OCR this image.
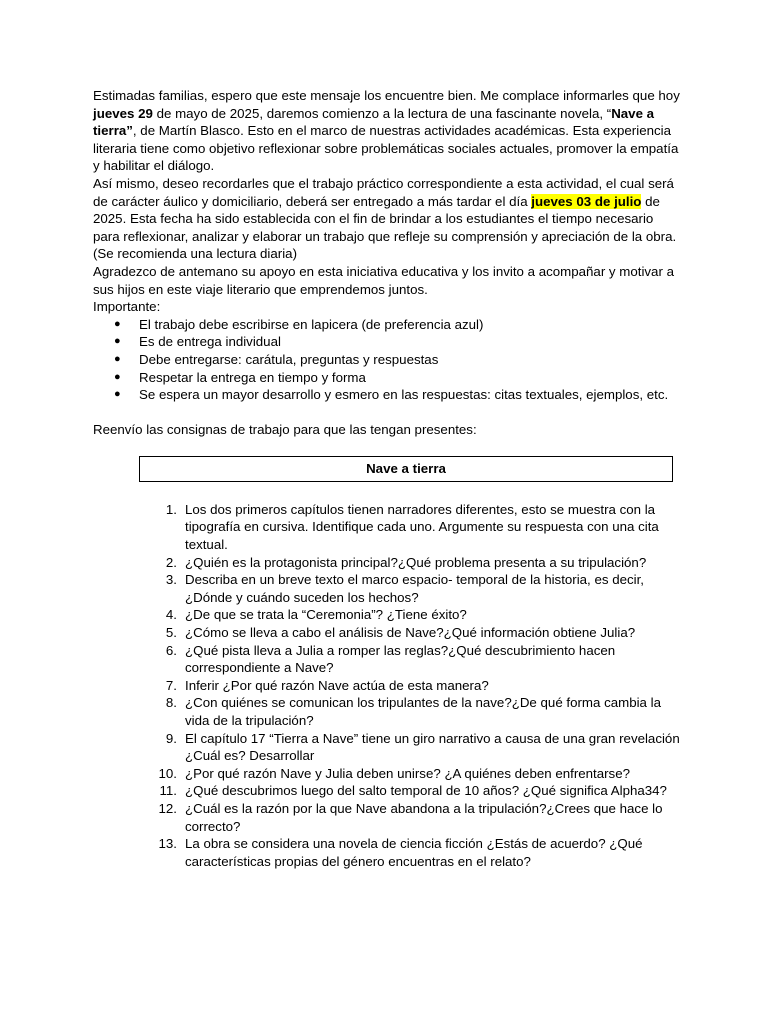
Estimadas familias, espero que este mensaje los encuentre bien. Me complace informarles que hoy jueves 29 de mayo de 2025, daremos comienzo a la lectura de una fascinante novela, “Nave a tierra”, de Martín Blasco. Esto en el marco de nuestras actividades académicas. Esta experiencia literaria tiene como objetivo reflexionar sobre problemáticas sociales actuales, promover la empatía y habilitar el diálogo.

Así mismo, deseo recordarles que el trabajo práctico correspondiente a esta actividad, el cual será de carácter áulico y domiciliario, deberá ser entregado a más tardar el día jueves 03 de julio de 2025. Esta fecha ha sido establecida con el fin de brindar a los estudiantes el tiempo necesario para reflexionar, analizar y elaborar un trabajo que refleje su comprensión y apreciación de la obra. (Se recomienda una lectura diaria)

Agradezco de antemano su apoyo en esta iniciativa educativa y los invito a acompañar y motivar a sus hijos en este viaje literario que emprendemos juntos.

Importante:

● El trabajo debe escribirse en lapicera (de preferencia azul)
● Es de entrega individual
● Debe entregarse: carátula, preguntas y respuestas
● Respetar la entrega en tiempo y forma
● Se espera un mayor desarrollo y esmero en las respuestas: citas textuales, ejemplos, etc.

Reenvío las consignas de trabajo para que las tengan presentes:

Nave a tierra
1. Los dos primeros capítulos tienen narradores diferentes, esto se muestra con la tipografía en cursiva. Identifique cada uno. Argumente su respuesta con una cita textual.
2. ¿Quién es la protagonista principal?¿Qué problema presenta a su tripulación?
3. Describa en un breve texto el marco espacio- temporal de la historia, es decir, ¿Dónde y cuándo suceden los hechos?
4. ¿De que se trata la “Ceremonia”? ¿Tiene éxito?
5. ¿Cómo se lleva a cabo el análisis de Nave?¿Qué información obtiene Julia?
6. ¿Qué pista lleva a Julia a romper las reglas?¿Qué descubrimiento hacen correspondiente a Nave?
7. Inferir ¿Por qué razón Nave actúa de esta manera?
8. ¿Con quiénes se comunican los tripulantes de la nave?¿De qué forma cambia la vida de la tripulación?
9. El capítulo 17 “Tierra a Nave” tiene un giro narrativo a causa de una gran revelación ¿Cuál es? Desarrollar
10. ¿Por qué razón Nave y Julia deben unirse? ¿A quiénes deben enfrentarse?
11. ¿Qué descubrimos luego del salto temporal de 10 años? ¿Qué significa Alpha34?
12. ¿Cuál es la razón por la que Nave abandona a la tripulación?¿Crees que hace lo correcto?
13. La obra se considera una novela de ciencia ficción ¿Estás de acuerdo? ¿Qué características propias del género encuentras en el relato?
